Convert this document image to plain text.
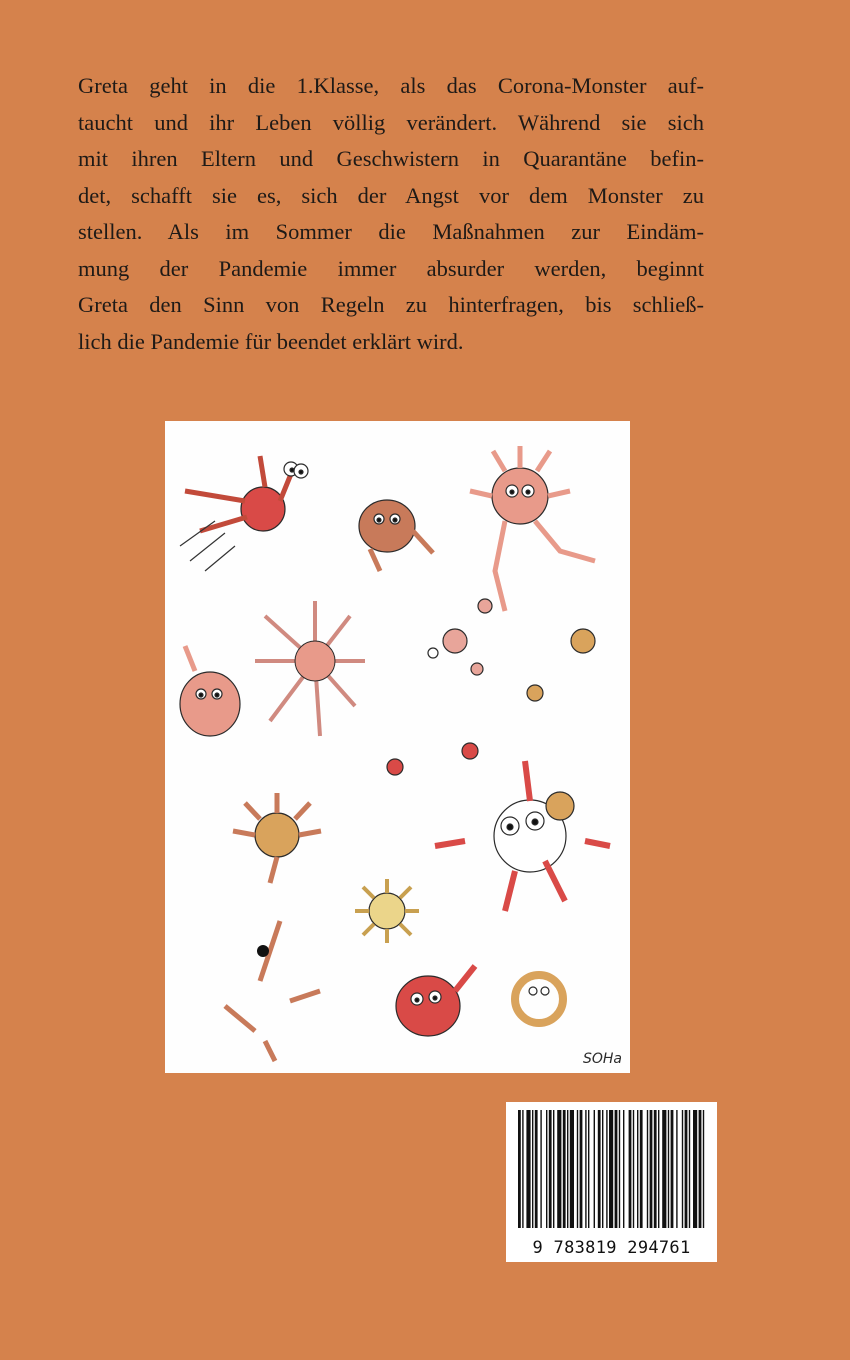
Greta geht in die 1.Klasse, als das Corona-Monster auf-
taucht und ihr Leben völlig verändert. Während sie sich
mit ihren Eltern und Geschwistern in Quarantäne befin-
det, schafft sie es, sich der Angst vor dem Monster zu
stellen. Als im Sommer die Maßnahmen zur Eindäm-
mung der Pandemie immer absurder werden, beginnt
Greta den Sinn von Regeln zu hinterfragen, bis schließ-
lich die Pandemie für beendet erklärt wird.

SOHa
9 783819 294761
